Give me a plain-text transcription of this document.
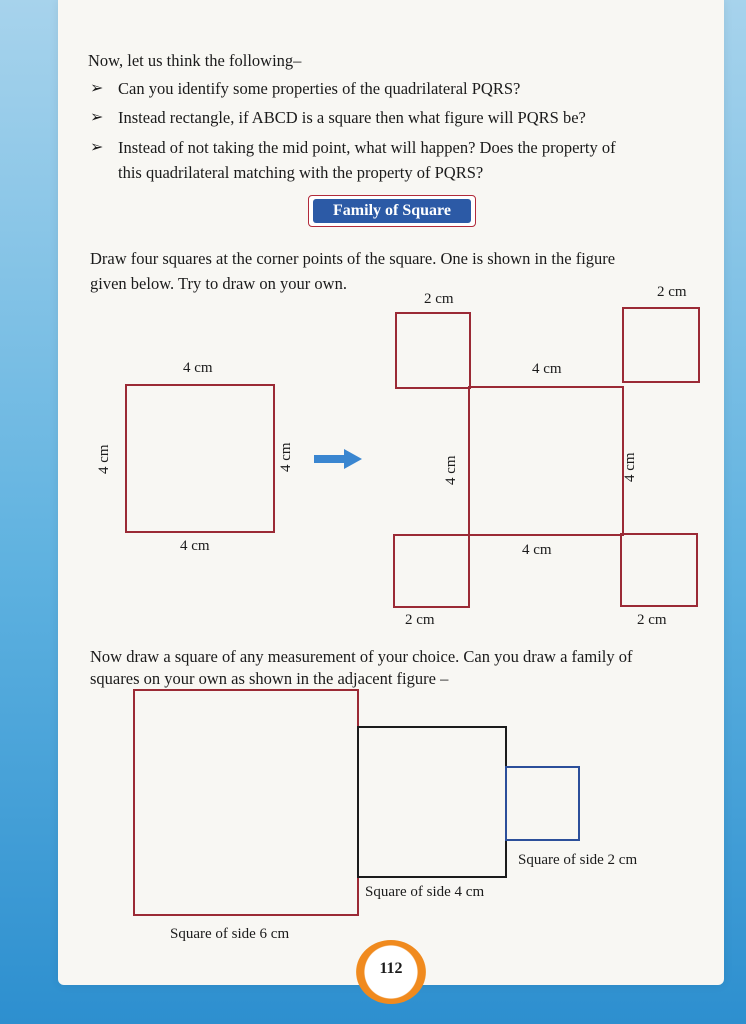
Now, let us think the following–
➢ Can you identify some properties of the quadrilateral PQRS?
➢ Instead rectangle, if ABCD is a square then what figure will PQRS be?
➢ Instead of not taking the mid point, what will happen? Does the property of
this quadrilateral matching with the property of PQRS?
Family of Square
Draw four squares at the corner points of the square. One is shown in the figure
given below. Try to draw on your own.
4 cm
4 cm
4 cm	4 cm
2 cm	2 cm
4 cm
4 cm
4 cm	4 cm
2 cm	2 cm
Square of side 6 cm
Square of side 4 cm
Square of side 2 cm
Now draw a square of any measurement of your choice. Can you draw a family of
squares on your own as shown in the adjacent figure –
112
